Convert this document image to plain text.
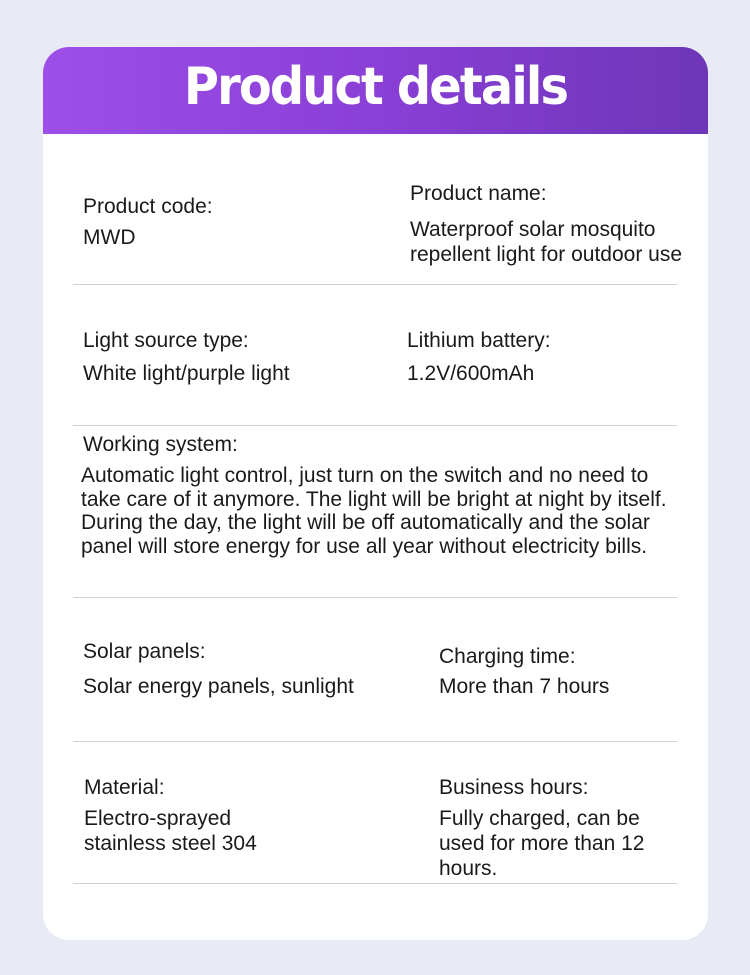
Product details
Product code:
MWD
Product name:
Waterproof solar mosquito
repellent light for outdoor use
Light source type:
White light/purple light
Lithium battery:
1.2V/600mAh
Working system:
Automatic light control, just turn on the switch and no need to take care of it anymore. The light will be bright at night by itself. During the day, the light will be off automatically and the solar panel will store energy for use all year without electricity bills.
Solar panels:
Solar energy panels, sunlight
Charging time:
More than 7 hours
Material:
Electro-sprayed
stainless steel 304
Business hours:
Fully charged, can be
used for more than 12
hours.
